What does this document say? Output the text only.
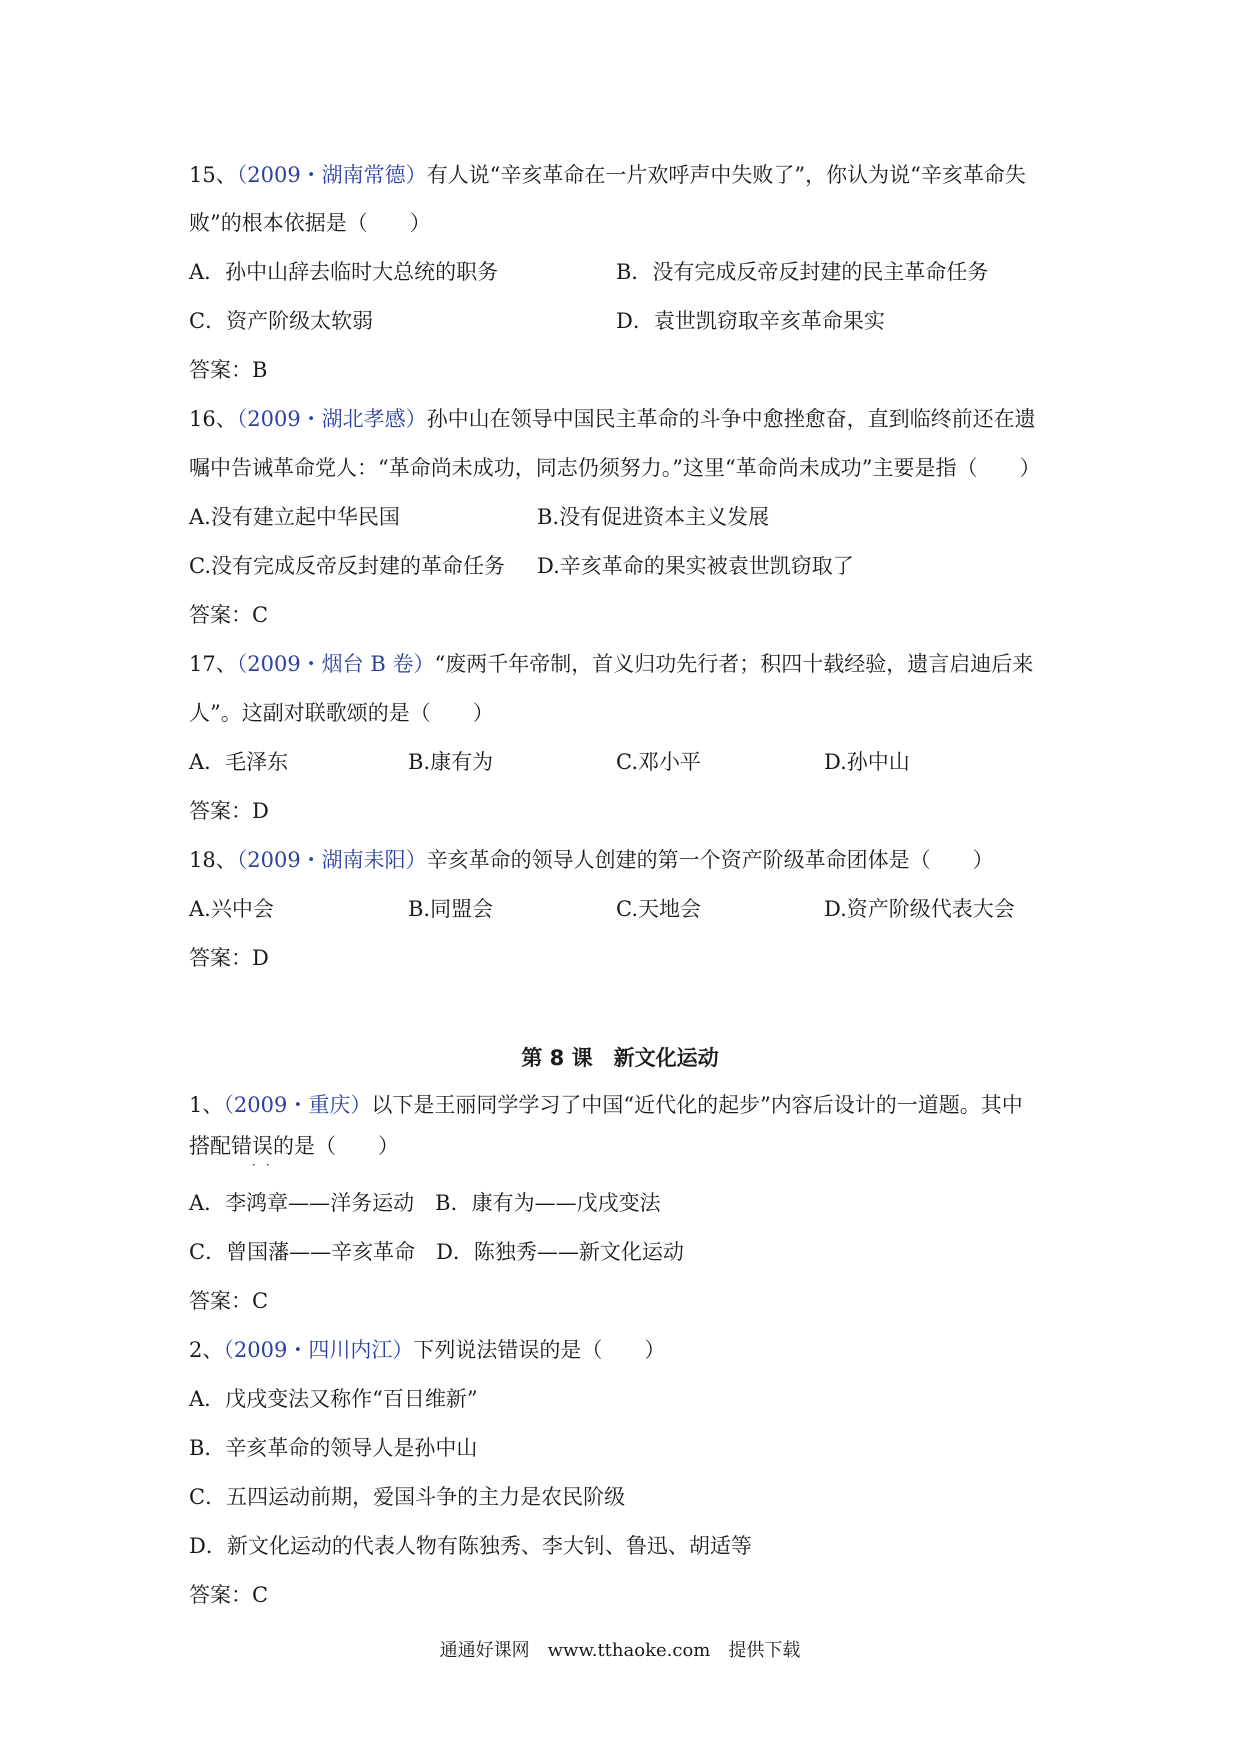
15、（2009・湖南常德）有人说“辛亥革命在一片欢呼声中失败了”，你认为说“辛亥革命失
败”的根本依据是（　　）
A．孙中山辞去临时大总统的职务	B．没有完成反帝反封建的民主革命任务
C．资产阶级太软弱	D．袁世凯窃取辛亥革命果实
答案：B
16、（2009・湖北孝感）孙中山在领导中国民主革命的斗争中愈挫愈奋，直到临终前还在遗
嘱中告诫革命党人：“革命尚未成功，同志仍须努力。”这里“革命尚未成功”主要是指（　　）
A.没有建立起中华民国	B.没有促进资本主义发展
C.没有完成反帝反封建的革命任务 D.辛亥革命的果实被袁世凯窃取了
答案：C
17、（2009・烟台 B 卷）“废两千年帝制，首义归功先行者；积四十载经验，遗言启迪后来
人”。这副对联歌颂的是（　　）
A．毛泽东	B.康有为	C.邓小平	D.孙中山
答案：D
18、（2009・湖南耒阳）辛亥革命的领导人创建的第一个资产阶级革命团体是（　　）
A.兴中会	B.同盟会	C.天地会	D.资产阶级代表大会
答案：D
第 8 课　新文化运动
1、（2009・重庆）以下是王丽同学学习了中国“近代化的起步”内容后设计的一道题。其中
搭配错误的是（　　）
··
A．李鸿章——洋务运动　B．康有为——戊戌变法
C．曾国藩——辛亥革命　D．陈独秀——新文化运动
答案：C
2、（2009・四川内江）下列说法错误的是（　　）
A．戊戌变法又称作“百日维新”
B．辛亥革命的领导人是孙中山
C．五四运动前期，爱国斗争的主力是农民阶级
D．新文化运动的代表人物有陈独秀、李大钊、鲁迅、胡适等
答案：C
通通好课网　www.tthaoke.com　提供下载
